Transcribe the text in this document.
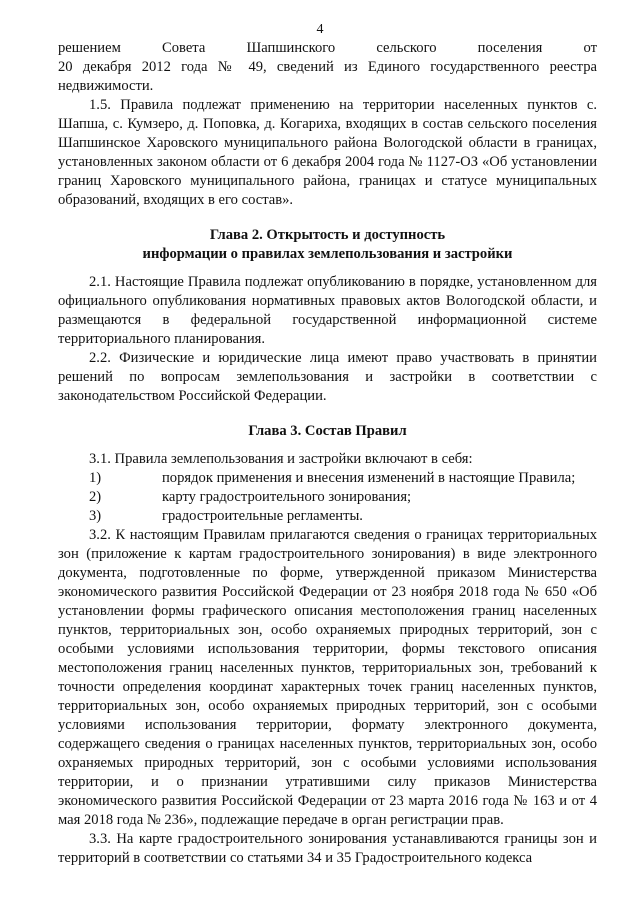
4

решением Совета Шапшинского сельского поселения от

20 декабря 2012 года № 49, сведений из Единого государственного реестра недвижимости.

1.5. Правила подлежат применению на территории населенных пунктов с. Шапша, с. Кумзеро, д. Поповка, д. Когариха, входящих в состав сельского поселения Шапшинское Харовского муниципального района Вологодской области в границах, установленных законом области от 6 декабря 2004 года № 1127-ОЗ «Об установлении границ Харовского муниципального района, границах и статусе муниципальных образований, входящих в его состав».

Глава 2. Открытость и доступность
информации о правилах землепользования и застройки

2.1. Настоящие Правила подлежат опубликованию в порядке, установленном для официального опубликования нормативных правовых актов Вологодской области, и размещаются в федеральной государственной информационной системе территориального планирования.

2.2. Физические и юридические лица имеют право участвовать в принятии решений по вопросам землепользования и застройки в соответствии с законодательством Российской Федерации.

Глава 3. Состав Правил

3.1. Правила землепользования и застройки включают в себя:

1)	порядок применения и внесения изменений в настоящие Правила;
2)	карту градостроительного зонирования;
3)	градостроительные регламенты.

3.2. К настоящим Правилам прилагаются сведения о границах территориальных зон (приложение к картам градостроительного зонирования) в виде электронного документа, подготовленные по форме, утвержденной приказом Министерства экономического развития Российской Федерации от 23 ноября 2018 года № 650 «Об установлении формы графического описания местоположения границ населенных пунктов, территориальных зон, особо охраняемых природных территорий, зон с особыми условиями использования территории, формы текстового описания местоположения границ населенных пунктов, территориальных зон, требований к точности определения координат характерных точек границ населенных пунктов, территориальных зон, особо охраняемых природных территорий, зон с особыми условиями использования территории, формату электронного документа, содержащего сведения о границах населенных пунктов, территориальных зон, особо охраняемых природных территорий, зон с особыми условиями использования территории, и о признании утратившими силу приказов Министерства экономического развития Российской Федерации от 23 марта 2016 года № 163 и от 4 мая 2018 года № 236», подлежащие передаче в орган регистрации прав.

3.3. На карте градостроительного зонирования устанавливаются границы зон и территорий в соответствии со статьями 34 и 35 Градостроительного кодекса
